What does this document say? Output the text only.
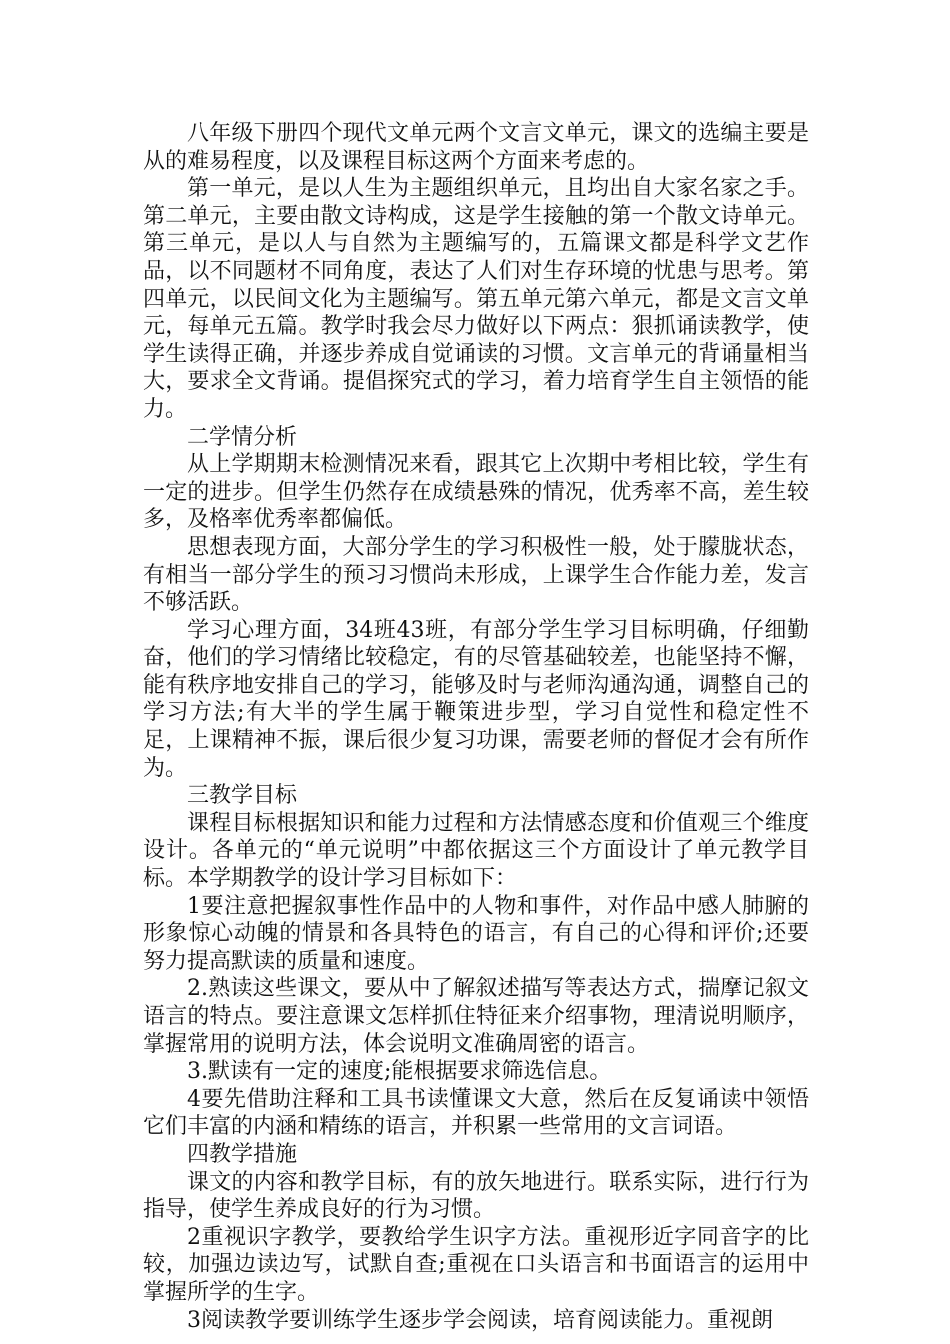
八年级下册四个现代文单元两个文言文单元，课文的选编主要是从的难易程度，以及课程目标这两个方面来考虑的。

第一单元，是以人生为主题组织单元，且均出自大家名家之手。第二单元，主要由散文诗构成，这是学生接触的第一个散文诗单元。第三单元，是以人与自然为主题编写的，五篇课文都是科学文艺作品，以不同题材不同角度，表达了人们对生存环境的忧患与思考。第四单元，以民间文化为主题编写。第五单元第六单元，都是文言文单元，每单元五篇。教学时我会尽力做好以下两点：狠抓诵读教学，使学生读得正确，并逐步养成自觉诵读的习惯。文言单元的背诵量相当大，要求全文背诵。提倡探究式的学习，着力培育学生自主领悟的能力。

二学情分析

从上学期期末检测情况来看，跟其它上次期中考相比较，学生有一定的进步。但学生仍然存在成绩悬殊的情况，优秀率不高，差生较多，及格率优秀率都偏低。

思想表现方面，大部分学生的学习积极性一般，处于朦胧状态，有相当一部分学生的预习习惯尚未形成，上课学生合作能力差，发言不够活跃。

学习心理方面，34班43班，有部分学生学习目标明确，仔细勤奋，他们的学习情绪比较稳定，有的尽管基础较差，也能坚持不懈，能有秩序地安排自己的学习，能够及时与老师沟通沟通，调整自己的学习方法;有大半的学生属于鞭策进步型，学习自觉性和稳定性不足，上课精神不振，课后很少复习功课，需要老师的督促才会有所作为。

三教学目标

课程目标根据知识和能力过程和方法情感态度和价值观三个维度设计。各单元的“单元说明”中都依据这三个方面设计了单元教学目标。本学期教学的设计学习目标如下：

1要注意把握叙事性作品中的人物和事件，对作品中感人肺腑的形象惊心动魄的情景和各具特色的语言，有自己的心得和评价;还要努力提高默读的质量和速度。

2.熟读这些课文，要从中了解叙述描写等表达方式，揣摩记叙文语言的特点。要注意课文怎样抓住特征来介绍事物，理清说明顺序，掌握常用的说明方法，体会说明文准确周密的语言。

3.默读有一定的速度;能根据要求筛选信息。

4要先借助注释和工具书读懂课文大意，然后在反复诵读中领悟它们丰富的内涵和精练的语言，并积累一些常用的文言词语。

四教学措施

课文的内容和教学目标，有的放矢地进行。联系实际，进行行为指导，使学生养成良好的行为习惯。

2重视识字教学，要教给学生识字方法。重视形近字同音字的比较，加强边读边写，试默自查;重视在口头语言和书面语言的运用中掌握所学的生字。

3阅读教学要训练学生逐步学会阅读，培育阅读能力。重视朗
